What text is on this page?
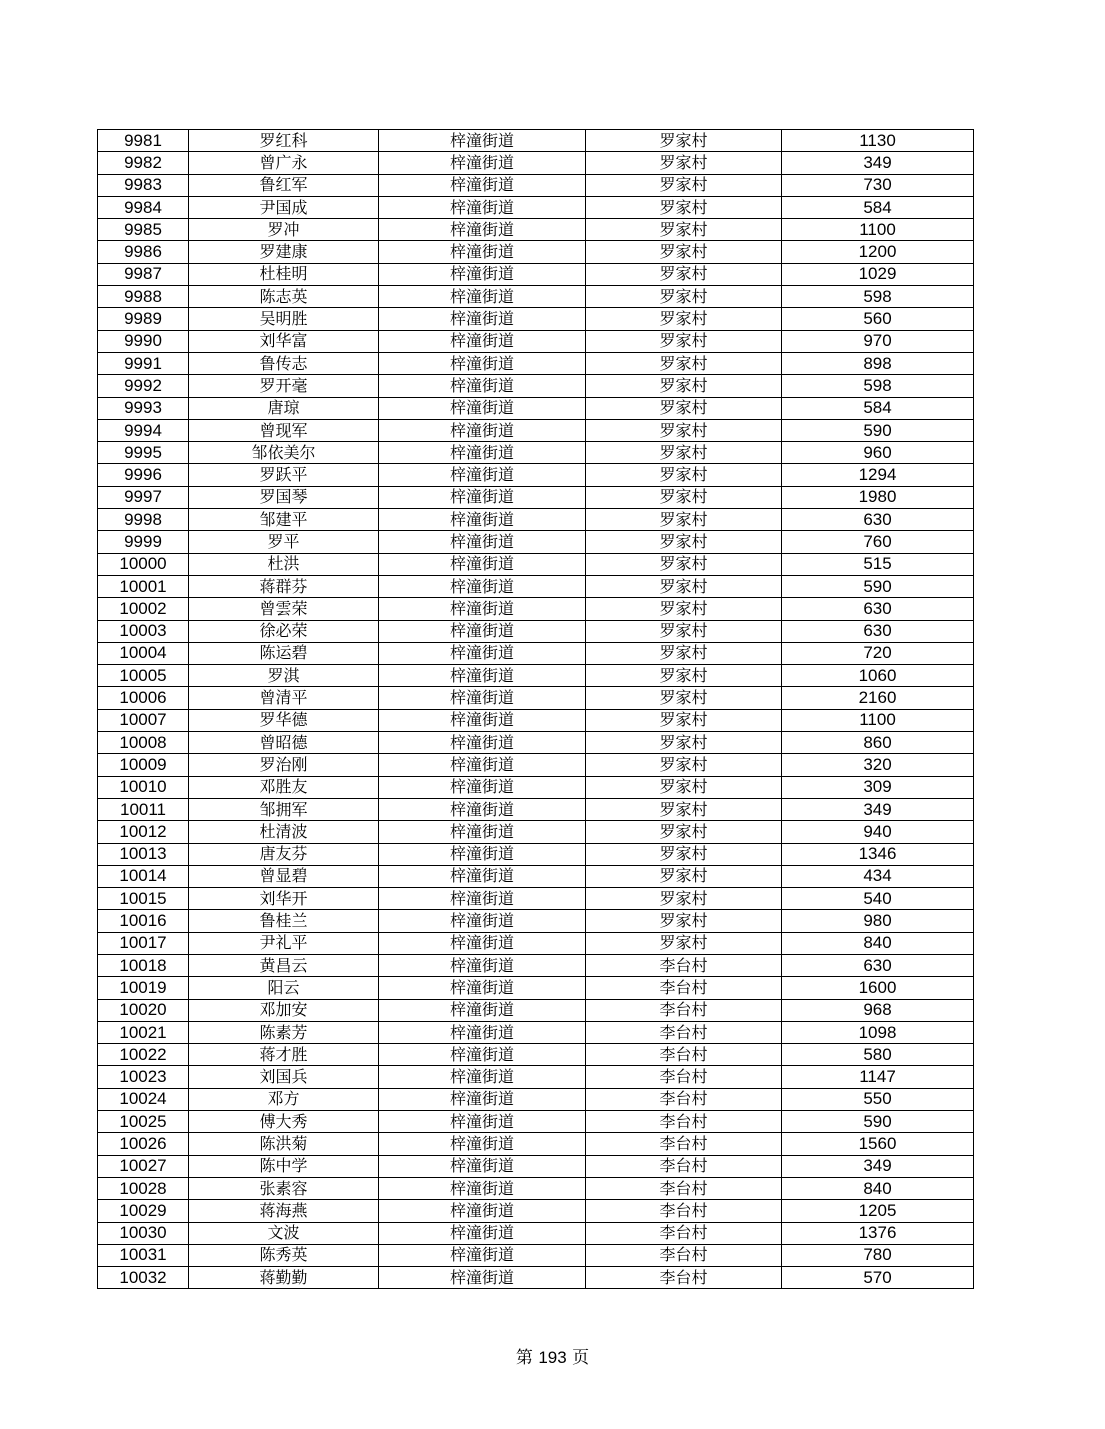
9981	罗红科	梓潼街道	罗家村	1130
9982	曾广永	梓潼街道	罗家村	349
9983	鲁红军	梓潼街道	罗家村	730
9984	尹国成	梓潼街道	罗家村	584
9985	罗冲	梓潼街道	罗家村	1100
9986	罗建康	梓潼街道	罗家村	1200
9987	杜桂明	梓潼街道	罗家村	1029
9988	陈志英	梓潼街道	罗家村	598
9989	吴明胜	梓潼街道	罗家村	560
9990	刘华富	梓潼街道	罗家村	970
9991	鲁传志	梓潼街道	罗家村	898
9992	罗开毫	梓潼街道	罗家村	598
9993	唐琼	梓潼街道	罗家村	584
9994	曾现军	梓潼街道	罗家村	590
9995	邹依美尔	梓潼街道	罗家村	960
9996	罗跃平	梓潼街道	罗家村	1294
9997	罗国琴	梓潼街道	罗家村	1980
9998	邹建平	梓潼街道	罗家村	630
9999	罗平	梓潼街道	罗家村	760
10000	杜洪	梓潼街道	罗家村	515
10001	蒋群芬	梓潼街道	罗家村	590
10002	曾雲荣	梓潼街道	罗家村	630
10003	徐必荣	梓潼街道	罗家村	630
10004	陈运碧	梓潼街道	罗家村	720
10005	罗淇	梓潼街道	罗家村	1060
10006	曾清平	梓潼街道	罗家村	2160
10007	罗华德	梓潼街道	罗家村	1100
10008	曾昭德	梓潼街道	罗家村	860
10009	罗治刚	梓潼街道	罗家村	320
10010	邓胜友	梓潼街道	罗家村	309
10011	邹拥军	梓潼街道	罗家村	349
10012	杜清波	梓潼街道	罗家村	940
10013	唐友芬	梓潼街道	罗家村	1346
10014	曾显碧	梓潼街道	罗家村	434
10015	刘华开	梓潼街道	罗家村	540
10016	鲁桂兰	梓潼街道	罗家村	980
10017	尹礼平	梓潼街道	罗家村	840
10018	黄昌云	梓潼街道	李台村	630
10019	阳云	梓潼街道	李台村	1600
10020	邓加安	梓潼街道	李台村	968
10021	陈素芳	梓潼街道	李台村	1098
10022	蒋才胜	梓潼街道	李台村	580
10023	刘国兵	梓潼街道	李台村	1147
10024	邓方	梓潼街道	李台村	550
10025	傅大秀	梓潼街道	李台村	590
10026	陈洪菊	梓潼街道	李台村	1560
10027	陈中学	梓潼街道	李台村	349
10028	张素容	梓潼街道	李台村	840
10029	蒋海燕	梓潼街道	李台村	1205
10030	文波	梓潼街道	李台村	1376
10031	陈秀英	梓潼街道	李台村	780
10032	蒋勤勤	梓潼街道	李台村	570
第 193 页
